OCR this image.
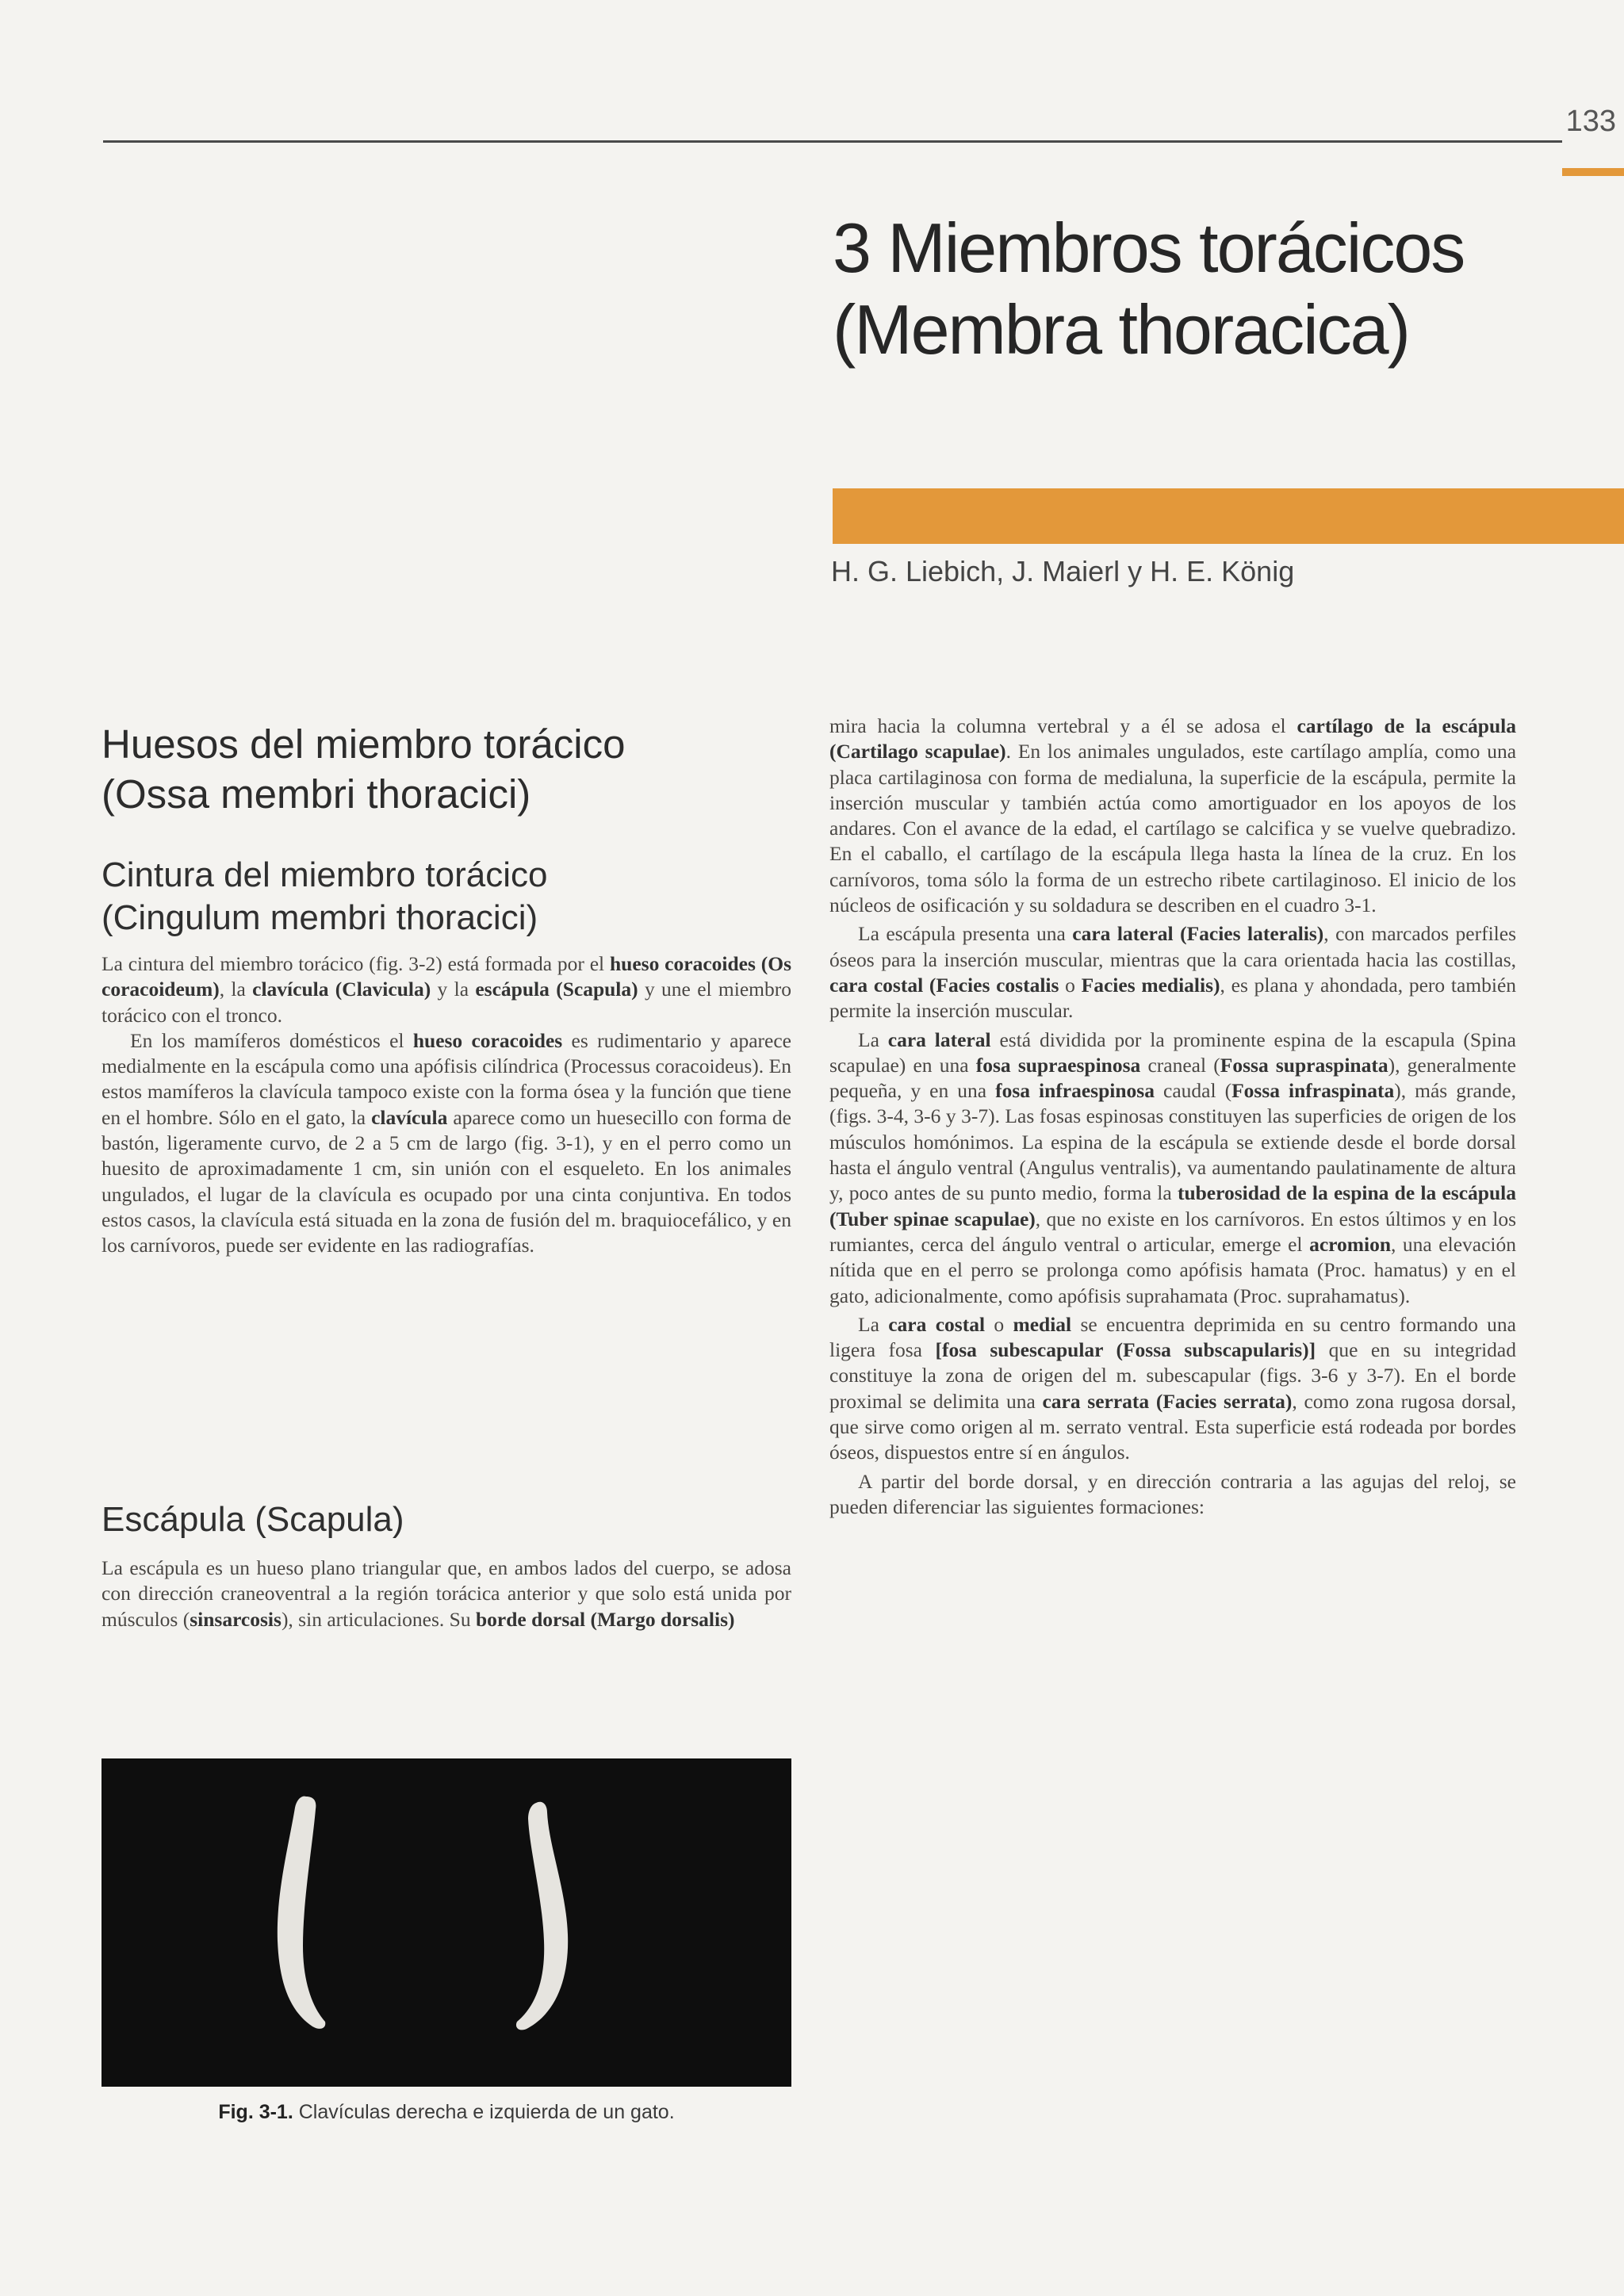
133
3 Miembros torácicos
(Membra thoracica)
H. G. Liebich, J. Maierl y H. E. König
Huesos del miembro torácico
(Ossa membri thoracici)
Cintura del miembro torácico
(Cingulum membri thoracici)

La cintura del miembro torácico (fig. 3-2) está formada por el hueso coracoides (Os coracoideum), la clavícula (Clavicula) y la escápula (Scapula) y une el miembro torácico con el tronco.

En los mamíferos domésticos el hueso coracoides es rudimentario y aparece medialmente en la escápula como una apófisis cilíndrica (Processus coracoideus). En estos mamíferos la clavícula tampoco existe con la forma ósea y la función que tiene en el hombre. Sólo en el gato, la clavícula aparece como un huesecillo con forma de bastón, ligeramente curvo, de 2 a 5 cm de largo (fig. 3-1), y en el perro como un huesito de aproximadamente 1 cm, sin unión con el esqueleto. En los animales ungulados, el lugar de la clavícula es ocupado por una cinta conjuntiva. En todos estos casos, la clavícula está situada en la zona de fusión del m. braquiocefálico, y en los carnívoros, puede ser evidente en las radiografías.

Escápula (Scapula)

La escápula es un hueso plano triangular que, en ambos lados del cuerpo, se adosa con dirección craneoventral a la región torácica anterior y que solo está unida por músculos (sinsarcosis), sin articulaciones. Su borde dorsal (Margo dorsalis)

Fig. 3-1. Clavículas derecha e izquierda de un gato.

mira hacia la columna vertebral y a él se adosa el cartílago de la escápula (Cartilago scapulae). En los animales ungulados, este cartílago amplía, como una placa cartilaginosa con forma de medialuna, la superficie de la escápula, permite la inserción muscular y también actúa como amortiguador en los apoyos de los andares. Con el avance de la edad, el cartílago se calcifica y se vuelve quebradizo. En el caballo, el cartílago de la escápula llega hasta la línea de la cruz. En los carnívoros, toma sólo la forma de un estrecho ribete cartilaginoso. El inicio de los núcleos de osificación y su soldadura se describen en el cuadro 3-1.

La escápula presenta una cara lateral (Facies lateralis), con marcados perfiles óseos para la inserción muscular, mientras que la cara orientada hacia las costillas, cara costal (Facies costalis o Facies medialis), es plana y ahondada, pero también permite la inserción muscular.

La cara lateral está dividida por la prominente espina de la escapula (Spina scapulae) en una fosa supraespinosa craneal (Fossa supraspinata), generalmente pequeña, y en una fosa infraespinosa caudal (Fossa infraspinata), más grande, (figs. 3-4, 3-6 y 3-7). Las fosas espinosas constituyen las superficies de origen de los músculos homónimos. La espina de la escápula se extiende desde el borde dorsal hasta el ángulo ventral (Angulus ventralis), va aumentando paulatinamente de altura y, poco antes de su punto medio, forma la tuberosidad de la espina de la escápula (Tuber spinae scapulae), que no existe en los carnívoros. En estos últimos y en los rumiantes, cerca del ángulo ventral o articular, emerge el acromion, una elevación nítida que en el perro se prolonga como apófisis hamata (Proc. hamatus) y en el gato, adicionalmente, como apófisis suprahamata (Proc. suprahamatus).

La cara costal o medial se encuentra deprimida en su centro formando una ligera fosa [fosa subescapular (Fossa subscapularis)] que en su integridad constituye la zona de origen del m. subescapular (figs. 3-6 y 3-7). En el borde proximal se delimita una cara serrata (Facies serrata), como zona rugosa dorsal, que sirve como origen al m. serrato ventral. Esta superficie está rodeada por bordes óseos, dispuestos entre sí en ángulos.

A partir del borde dorsal, y en dirección contraria a las agujas del reloj, se pueden diferenciar las siguientes formaciones:
